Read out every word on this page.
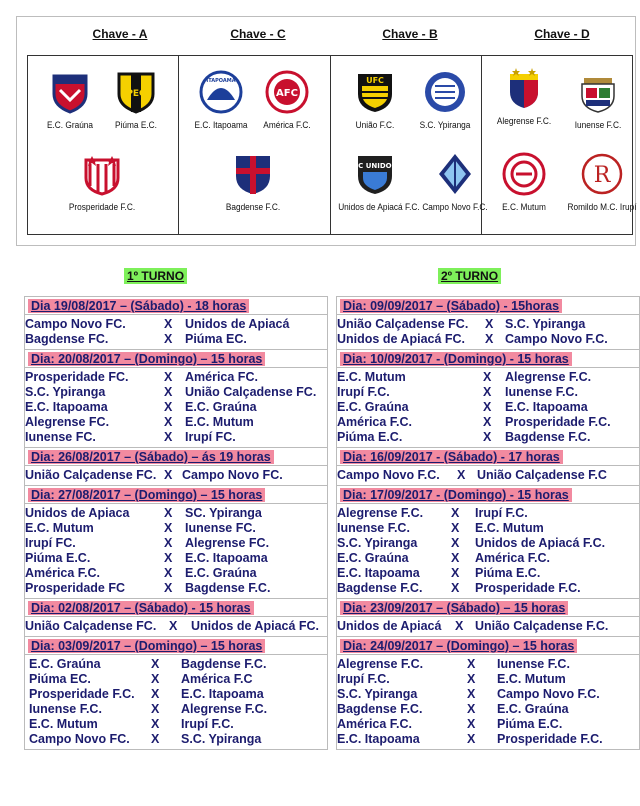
Chave - A	Chave - C	Chave - B	Chave - D
E.C. Graúna
PEC
Piúma E.C.
Prosperidade F.C.
ITAPOAMA
E.C. Itapoama
AFC
América F.C.
Bagdense F.C.
UFC
União F.C.	S.C. Ypiranga
FC UNIDOS
Unidos de Apiacá F.C. Campo Novo F.C.
Alegrense F.C.	Iunense F.C.
E.C. Mutum
R
Romildo M.C. Irupí
1º TURNO	2º TURNO
Dia 19/08/2017 – (Sábado) - 18 horas
Campo Novo FC.	X Unidos de Apiacá
Bagdense FC.	X Piúma EC.
Dia: 20/08/2017 – (Domingo) – 15 horas
Prosperidade FC.	X América FC.
S.C. Ypiranga	X União Calçadense FC.
E.C. Itapoama	X E.C. Graúna
Alegrense FC.	X E.C. Mutum
Iunense FC.	X Irupí FC.
Dia: 26/08/2017 – (Sábado) – ás 19 horas
União Calçadense FC. X Campo Novo FC.
Dia: 27/08/2017 – (Domingo) – 15 horas
Unidos de Apiaca	X SC. Ypiranga
E.C. Mutum	X Iunense FC.
Irupí FC.	X Alegrense FC.
Piúma E.C.	X E.C. Itapoama
América F.C.	X E.C. Graúna
Prosperidade FC	X Bagdense F.C.
Dia: 02/08/2017 – (Sábado) - 15 horas
União Calçadense FC. X Unidos de Apiacá FC.
Dia: 03/09/2017 – (Domingo) – 15 horas
E.C. Graúna	X Bagdense F.C.
Piúma EC.	X América F.C
Prosperidade F.C. X E.C. Itapoama
Iunense F.C.	X Alegrense F.C.
E.C. Mutum	X Irupí F.C.
Campo Novo FC. X S.C. Ypiranga
Dia: 09/09/2017 – (Sábado) - 15horas
União Calçadense FC. X S.C. Ypiranga
Unidos de Apiacá FC. X Campo Novo F.C.
Dia: 10/09/2017 - (Domingo) - 15 horas
E.C. Mutum	X Alegrense F.C.
Irupí F.C.	X Iunense F.C.
E.C. Graúna	X E.C. Itapoama
América F.C.	X Prosperidade F.C.
Piúma E.C.	X Bagdense F.C.
Dia: 16/09/2017 - (Sábado) - 17 horas
Campo Novo F.C. X União Calçadense F.C
Dia: 17/09/2017 - (Domingo) - 15 horas
Alegrense F.C. X Irupí F.C.
Iunense F.C.	X E.C. Mutum
S.C. Ypiranga	X Unidos de Apiacá F.C.
E.C. Graúna	X América F.C.
E.C. Itapoama	X Piúma E.C.
Bagdense F.C. X Prosperidade F.C.
Dia: 23/09/2017 – (Sábado) – 15 horas
Unidos de Apiacá X União Calçadense F.C.
Dia: 24/09/2017 – (Domingo) – 15 horas
Alegrense F.C.	X Iunense F.C.
Irupí F.C.	X E.C. Mutum
S.C. Ypiranga	X Campo Novo F.C.
Bagdense F.C.	X E.C. Graúna
América F.C.	X Piúma E.C.
E.C. Itapoama	X Prosperidade F.C.
